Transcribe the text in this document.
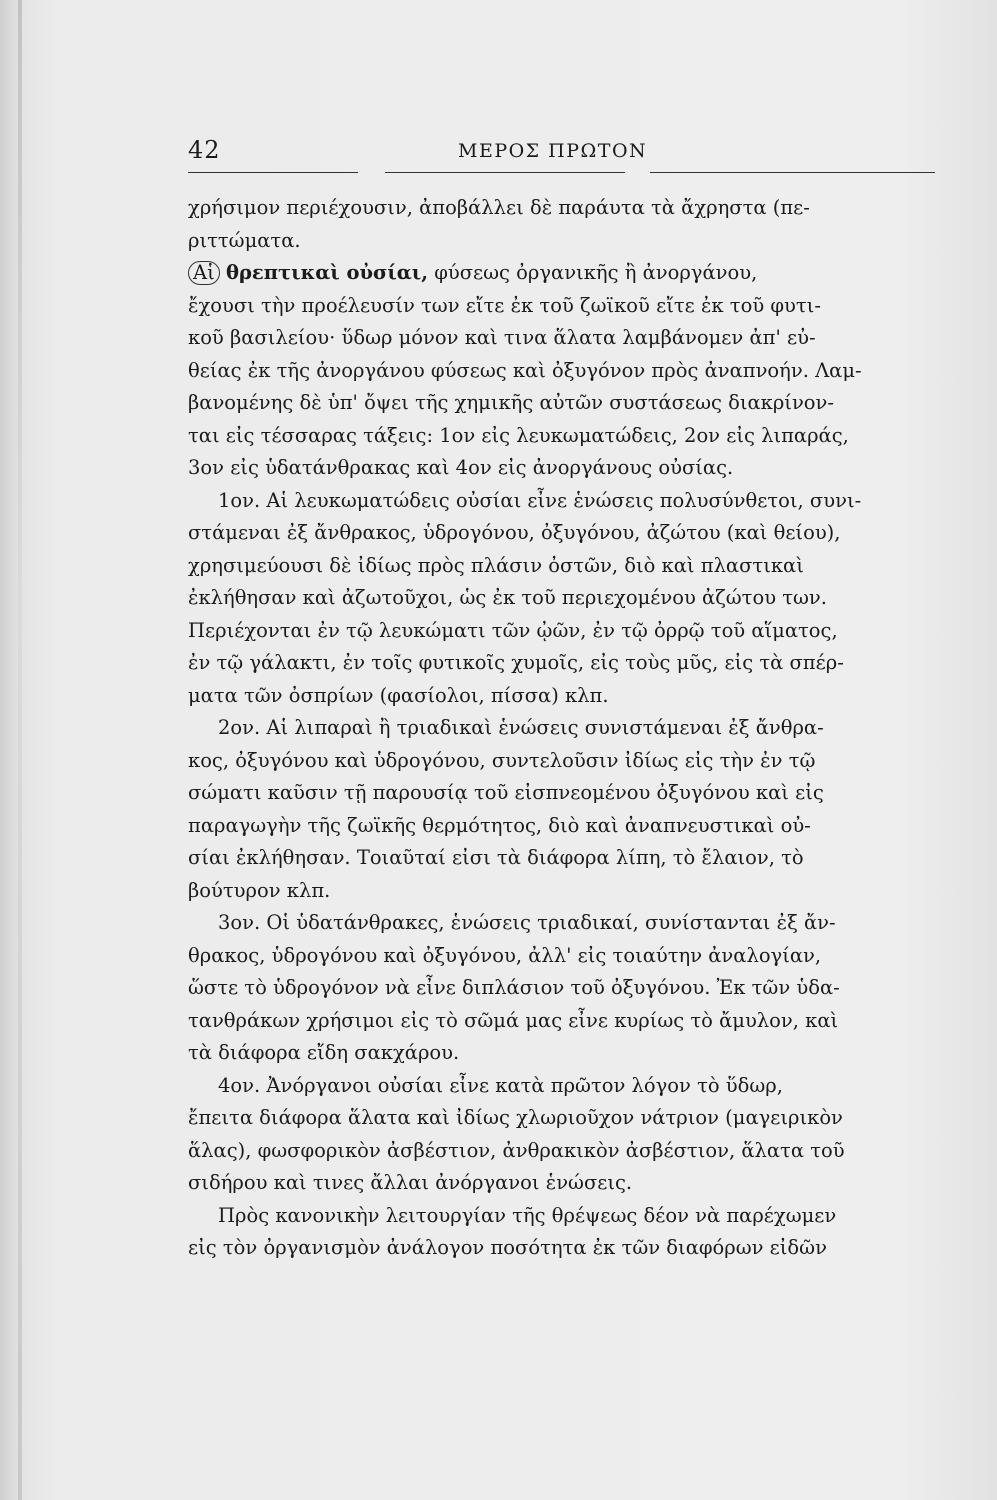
42	ΜΕΡΟΣ ΠΡΩΤΟΝ
χρήσιμον περιέχουσιν, ἀποβάλλει δὲ παράυτα τὰ ἄχρηστα (πε-
ριττώματα.
Αἱ θρεπτικαὶ οὐσίαι, φύσεως ὀργανικῆς ἢ ἀνοργάνου,
ἔχουσι τὴν προέλευσίν των εἴτε ἐκ τοῦ ζωϊκοῦ εἴτε ἐκ τοῦ φυτι-
κοῦ βασιλείου· ὕδωρ μόνον καὶ τινα ἅλατα λαμβάνομεν ἀπ' εὐ-
θείας ἐκ τῆς ἀνοργάνου φύσεως καὶ ὀξυγόνον πρὸς ἀναπνοήν. Λαμ-
βανομένης δὲ ὑπ' ὄψει τῆς χημικῆς αὐτῶν συστάσεως διακρίνον-
ται εἰς τέσσαρας τάξεις: 1ον εἰς λευκωματώδεις, 2ον εἰς λιπαράς,
3ον εἰς ὑδατάνθρακας καὶ 4ον εἰς ἀνοργάνους οὐσίας.
1ον. Αἱ λευκωματώδεις οὐσίαι εἶνε ἑνώσεις πολυσύνθετοι, συνι-
στάμεναι ἐξ ἄνθρακος, ὑδρογόνου, ὀξυγόνου, ἀζώτου (καὶ θείου),
χρησιμεύουσι δὲ ἰδίως πρὸς πλάσιν ὀστῶν, διὸ καὶ πλαστικαὶ
ἐκλήθησαν καὶ ἀζωτοῦχοι, ὡς ἐκ τοῦ περιεχομένου ἀζώτου των.
Περιέχονται ἐν τῷ λευκώματι τῶν ᾠῶν, ἐν τῷ ὀρρῷ τοῦ αἵματος,
ἐν τῷ γάλακτι, ἐν τοῖς φυτικοῖς χυμοῖς, εἰς τοὺς μῦς, εἰς τὰ σπέρ-
ματα τῶν ὀσπρίων (φασίολοι, πίσσα) κλπ.
2ον. Αἱ λιπαραὶ ἢ τριαδικαὶ ἑνώσεις συνιστάμεναι ἐξ ἄνθρα-
κος, ὀξυγόνου καὶ ὑδρογόνου, συντελοῦσιν ἰδίως εἰς τὴν ἐν τῷ
σώματι καῦσιν τῇ παρουσίᾳ τοῦ εἰσπνεομένου ὀξυγόνου καὶ εἰς
παραγωγὴν τῆς ζωϊκῆς θερμότητος, διὸ καὶ ἀναπνευστικαὶ οὐ-
σίαι ἐκλήθησαν. Τοιαῦταί εἰσι τὰ διάφορα λίπη, τὸ ἔλαιον, τὸ
βούτυρον κλπ.
3ον. Οἱ ὑδατάνθρακες, ἑνώσεις τριαδικαί, συνίστανται ἐξ ἄν-
θρακος, ὑδρογόνου καὶ ὀξυγόνου, ἀλλ' εἰς τοιαύτην ἀναλογίαν,
ὥστε τὸ ὑδρογόνον νὰ εἶνε διπλάσιον τοῦ ὀξυγόνου. Ἐκ τῶν ὑδα-
τανθράκων χρήσιμοι εἰς τὸ σῶμά μας εἶνε κυρίως τὸ ἄμυλον, καὶ
τὰ διάφορα εἴδη σακχάρου.
4ον. Ἀνόργανοι οὐσίαι εἶνε κατὰ πρῶτον λόγον τὸ ὕδωρ,
ἔπειτα διάφορα ἅλατα καὶ ἰδίως χλωριοῦχον νάτριον (μαγειρικὸν
ἅλας), φωσφορικὸν ἀσβέστιον, ἀνθρακικὸν ἀσβέστιον, ἅλατα τοῦ
σιδήρου καὶ τινες ἄλλαι ἀνόργανοι ἑνώσεις.
Πρὸς κανονικὴν λειτουργίαν τῆς θρέψεως δέον νὰ παρέχωμεν
εἰς τὸν ὀργανισμὸν ἀνάλογον ποσότητα ἐκ τῶν διαφόρων εἰδῶν
